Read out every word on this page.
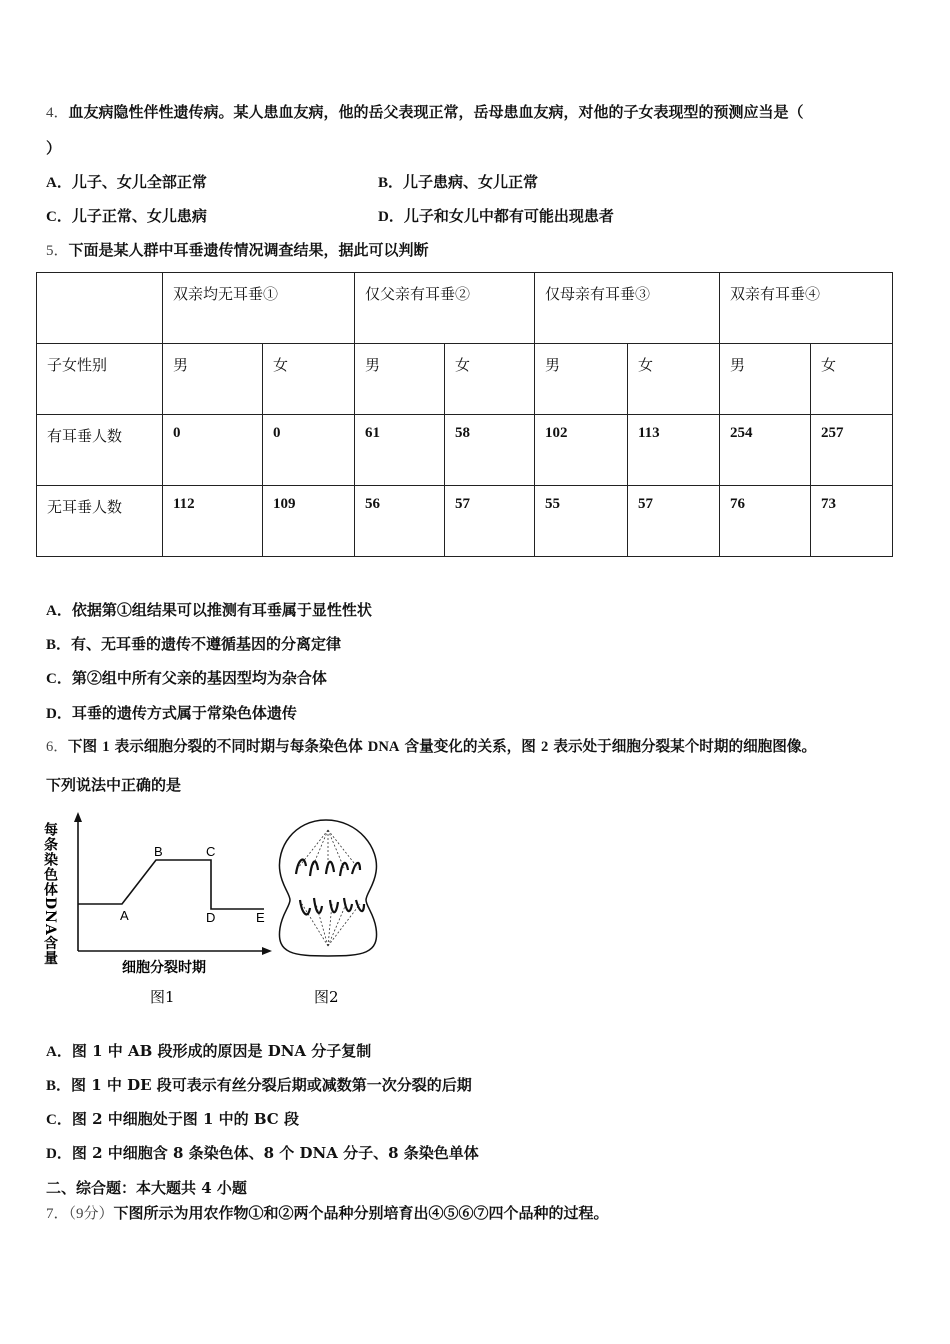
4．血友病隐性伴性遗传病。某人患血友病，他的岳父表现正常，岳母患血友病，对他的子女表现型的预测应当是（
）
A．儿子、女儿全部正常	B．儿子患病、女儿正常
C．儿子正常、女儿患病	D．儿子和女儿中都有可能出现患者
5．下面是某人群中耳垂遗传情况调查结果，据此可以判断
	双亲均无耳垂①		仅父亲有耳垂②		仅母亲有耳垂③		双亲有耳垂④	
子女性别	男	女	男	女	男	女	男	女
有耳垂人数	0	0	61	58	102	113	254	257
无耳垂人数	112	109	56	57	55	57	76	73
A．依据第①组结果可以推测有耳垂属于显性性状
B．有、无耳垂的遗传不遵循基因的分离定律
C．第②组中所有父亲的基因型均为杂合体
D．耳垂的遗传方式属于常染色体遗传
6．下图 1 表示细胞分裂的不同时期与每条染色体 DNA 含量变化的关系，图 2 表示处于细胞分裂某个时期的细胞图像。
下列说法中正确的是
每条染色体DNA含量	A
B	C
D	E
细胞分裂时期
图1	图2
A．图 1 中 AB 段形成的原因是 DNA 分子复制
B．图 1 中 DE 段可表示有丝分裂后期或减数第一次分裂的后期
C．图 2 中细胞处于图 1 中的 BC 段
D．图 2 中细胞含 8 条染色体、8 个 DNA 分子、8 条染色单体
二、综合题：本大题共 4 小题
7．（9分）下图所示为用农作物①和②两个品种分别培育出④⑤⑥⑦四个品种的过程。
